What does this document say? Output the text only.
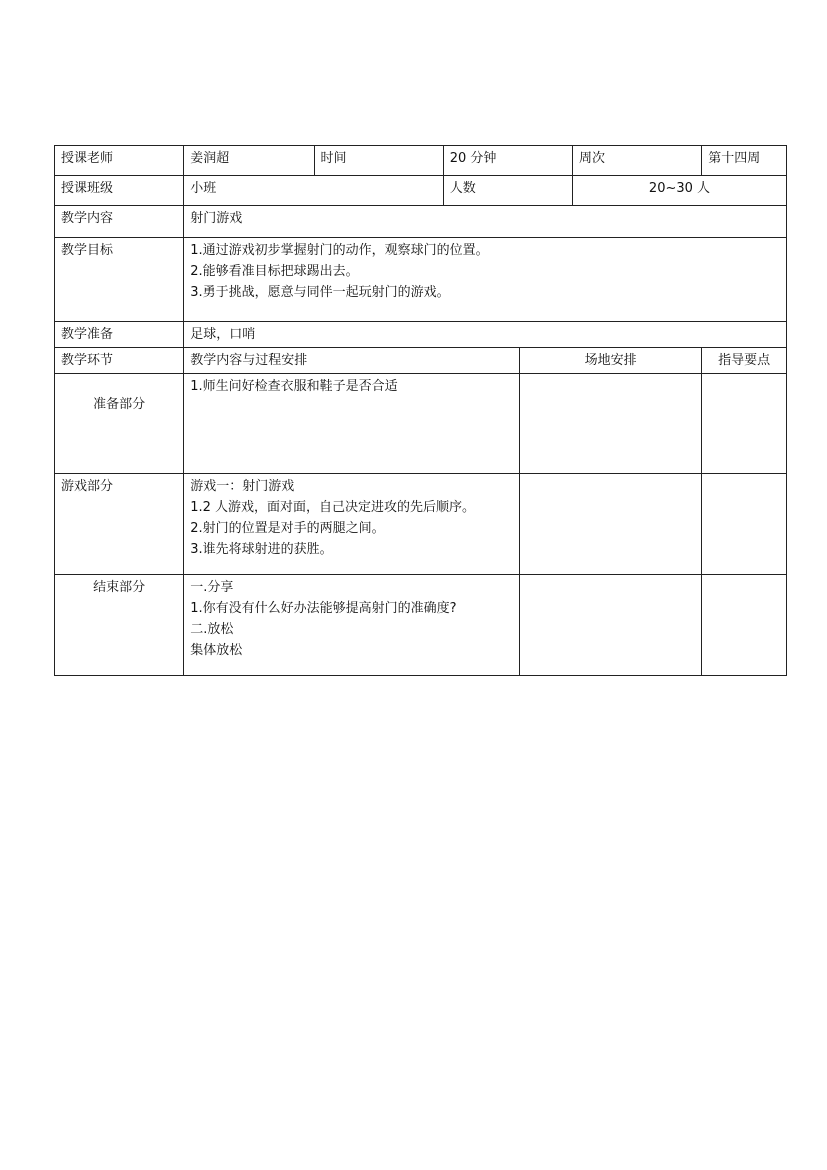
授课老师	姜润超	时间	20 分钟		周次	第十四周
授课班级	小班		人数		20~30 人	
教学内容	射门游戏					
教学目标	1.通过游戏初步掌握射门的动作，观察球门的位置。
2.能够看准目标把球踢出去。
3.勇于挑战，愿意与同伴一起玩射门的游戏。					

教学准备	足球，口哨					
教学环节	教学内容与过程安排			场地安排		指导要点
准备部分	1.师生问好检查衣服和鞋子是否合适					

游戏部分	游戏一：射门游戏
1.2 人游戏，面对面，自己决定进攻的先后顺序。
2.射门的位置是对手的两腿之间。
3.谁先将球射进的获胜。					

结束部分	一.分享
1.你有没有什么好办法能够提高射门的准确度?
二.放松
集体放松					
